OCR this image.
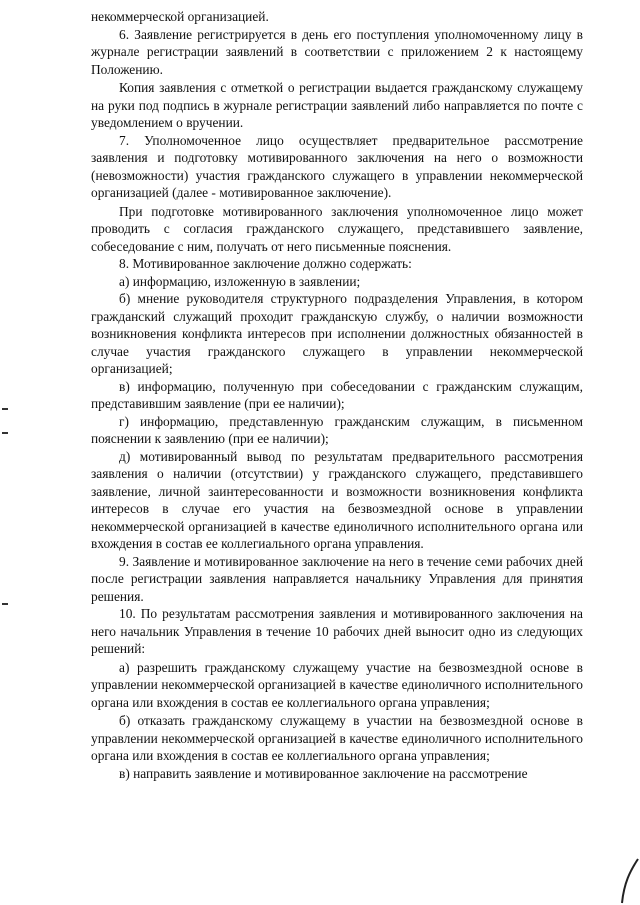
некоммерческой организацией.

6. Заявление регистрируется в день его поступления уполномоченному лицу в журнале регистрации заявлений в соответствии с приложением 2 к настоящему Положению.

Копия заявления с отметкой о регистрации выдается гражданскому служащему на руки под подпись в журнале регистрации заявлений либо направляется по почте с уведомлением о вручении.

7. Уполномоченное лицо осуществляет предварительное рассмотрение заявления и подготовку мотивированного заключения на него о возможности (невозможности) участия гражданского служащего в управлении некоммерческой организацией (далее - мотивированное заключение).

При подготовке мотивированного заключения уполномоченное лицо может проводить с согласия гражданского служащего, представившего заявление, собеседование с ним, получать от него письменные пояснения.

8. Мотивированное заключение должно содержать:

а) информацию, изложенную в заявлении;

б) мнение руководителя структурного подразделения Управления, в котором гражданский служащий проходит гражданскую службу, о наличии возможности возникновения конфликта интересов при исполнении должностных обязанностей в случае участия гражданского служащего в управлении некоммерческой организацией;

в) информацию, полученную при собеседовании с гражданским служащим, представившим заявление (при ее наличии);

г) информацию, представленную гражданским служащим, в письменном пояснении к заявлению (при ее наличии);

д) мотивированный вывод по результатам предварительного рассмотрения заявления о наличии (отсутствии) у гражданского служащего, представившего заявление, личной заинтересованности и возможности возникновения конфликта интересов в случае его участия на безвозмездной основе в управлении некоммерческой организацией в качестве единоличного исполнительного органа или вхождения в состав ее коллегиального органа управления.

9. Заявление и мотивированное заключение на него в течение семи рабочих дней после регистрации заявления направляется начальнику Управления для принятия решения.

10. По результатам рассмотрения заявления и мотивированного заключения на него начальник Управления в течение 10 рабочих дней выносит одно из следующих решений:

а) разрешить гражданскому служащему участие на безвозмездной основе в управлении некоммерческой организацией в качестве единоличного исполнительного органа или вхождения в состав ее коллегиального органа управления;

б) отказать гражданскому служащему в участии на безвозмездной основе в управлении некоммерческой организацией в качестве единоличного исполнительного органа или вхождения в состав ее коллегиального органа управления;

в) направить заявление и мотивированное заключение на рассмотрение
